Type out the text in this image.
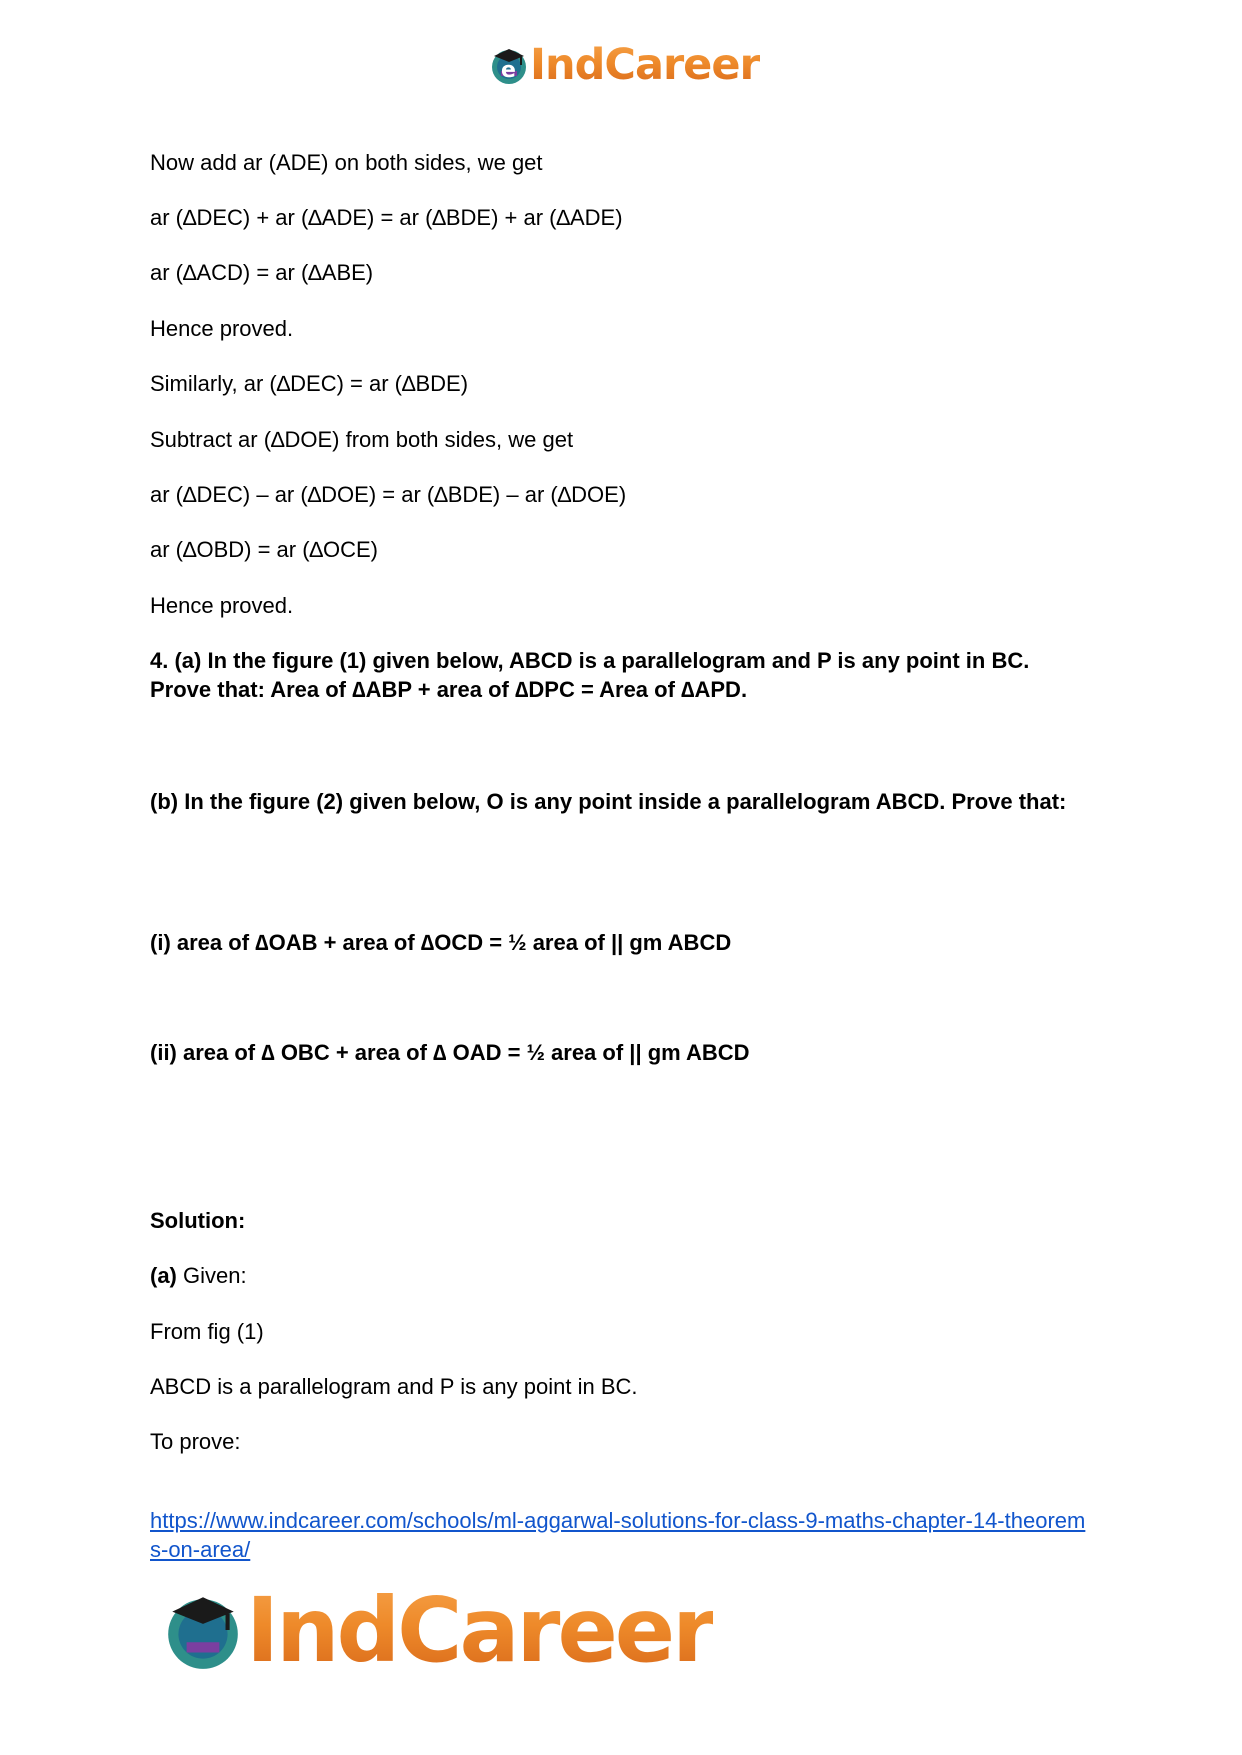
e IndCareer
Now add ar (ADE) on both sides, we get
ar (∆DEC) + ar (∆ADE) = ar (∆BDE) + ar (∆ADE)
ar (∆ACD) = ar (∆ABE)
Hence proved.
Similarly, ar (∆DEC) = ar (∆BDE)
Subtract ar (∆DOE) from both sides, we get
ar (∆DEC) – ar (∆DOE) = ar (∆BDE) – ar (∆DOE)
ar (∆OBD) = ar (∆OCE)
Hence proved.
4. (a) In the figure (1) given below, ABCD is a parallelogram and P is any point in BC. Prove that: Area of ∆ABP + area of ∆DPC = Area of ∆APD.
(b) In the figure (2) given below, O is any point inside a parallelogram ABCD. Prove that:
(i) area of ∆OAB + area of ∆OCD = ½ area of || gm ABCD
(ii) area of ∆ OBC + area of ∆ OAD = ½ area of || gm ABCD
Solution:
(a) Given:
From fig (1)
ABCD is a parallelogram and P is any point in BC.
To prove:
https://www.indcareer.com/schools/ml-aggarwal-solutions-for-class-9-maths-chapter-14-theorems-on-area/
IndCareer
